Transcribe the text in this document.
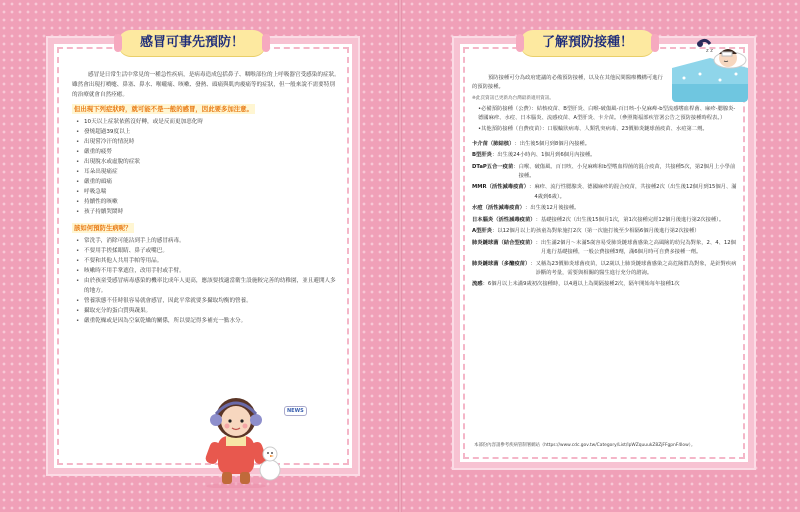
感冒可事先預防！

感冒是日常生活中常見的一種急性疾病，是病毒造成包括鼻子、咽喉部位的上呼吸器官受感染的症狀。雖然會出現打噴嚏、鼻塞、鼻水、喉嚨痛、咳嗽、發熱、頭痛與肌肉痠痛等的症狀，但一般來說不需要特別的治療就會自然痊癒。

但出現下列症狀時，就可能不是一般的感冒，因此要多加注意。
• 10天以上症狀依舊沒好轉，或是反而更加惡化時
• 發燒超過39度以上
• 出現嘗冷汗的情況時
• 嚴重的疲勞
• 出現脫水或虛脫的症狀
• 耳朵出現痛症
• 嚴重的頭痛
• 呼吸急喘
• 持續性的咳嗽
• 孩子持續哭鬧時
該如何預防生病呢？
• 常洗手，消除可能沾到手上的感冒病毒。
• 不要用手搓揉眼睛、鼻子或嘴巴。
• 不要和其他人共用手帕等用品。
• 咳嗽時不用手掌遮住，改用手肘或手臂。
• 由於孩童受感冒病毒感染的機率比成年人更高，應該要找適當衛生設施較完善的幼稚園，並且避開人多的地方。
• 營養狀態不佳時很容易就會感冒，因此平常就要多攝取均衡的營養。
• 攝取充分的蛋白質與蔬果。
• 嚴重乾燥或是因為空氣乾燥的關係，所以要記得多補充一點水分。
NEWS
了解預防接種！

預防接種可分為政府建議的必備預防接種，以及在其他民間醫療機構可進行的預防接種。

※此頁資訊已更新為台灣最新適用資訊。

•必備預防接種（公費）：結核疫苗、B型肝炎、白喉-破傷風-百日咳-小兒麻痺-b型流感嗜血桿菌、麻疹-腮腺炎-德國麻疹、水痘、日本腦炎、流感疫苗、A型肝炎、卡介苗。（參照衛福部疾管署公告之預防接種時程表。）

•其他預防接種（自費疫苗）：口服輪狀病毒、人類乳突病毒、23價肺炎鏈球菌疫苗、水痘第二劑。

卡介苗（肺結核） ： 出生後5個月到8個月內接種。
B型肝炎 ： 出生後24小時內、1個月到6個月內接種。
DTaP五合一疫苗 ： 白喉、破傷風、百日咳、小兒麻痺和b型嗜血桿菌的混合疫苗，共接種5次，第2個月上小學前接種。
MMR（活性減毒疫苗） ： 麻疹、流行性腮腺炎、德國麻疹的混合疫苗，共接種2次（出生後12個月到15個月、滿4歲到6歲）。
水痘（活性減毒疫苗） ： 出生後12月後接種。
日本腦炎（活性減毒疫苗） ： 基礎接種2次（出生後15個月1次，第1次接種完經12個月後進行第2次接種）。
A型肝炎 ： 以12個月以上的孩童為對象施打2次（第一次施打後至少相隔6個月後進行第2次接種）
肺炎鏈球菌（結合型疫苗） ： 出生滿2個月～未滿5歲容易受肺炎鏈球菌感染之高風險的幼兒為對象，2、4、12個月進行基礎接種，一般公費接種3劑，滿6個月時可自費多接種一劑。
肺炎鏈球菌（多醣疫苗） ： 又稱為23價肺炎球菌疫苗，以2歲以上肺炎鏈球菌感染之高危險群為對象，是針對疾病診斷的考量，需要與相關的醫生進行充分的諮詢。
流感 ： 6個月以上未滿9歲初次接種時，以4週以上為間隔接種2次，隔年開始每年接種1次
本部份內容請參考疾病管制署網站（https://www.cdc.gov.tw/Category/List/lpWZquuukZ8ZjFFgpnF4low）。
z z
